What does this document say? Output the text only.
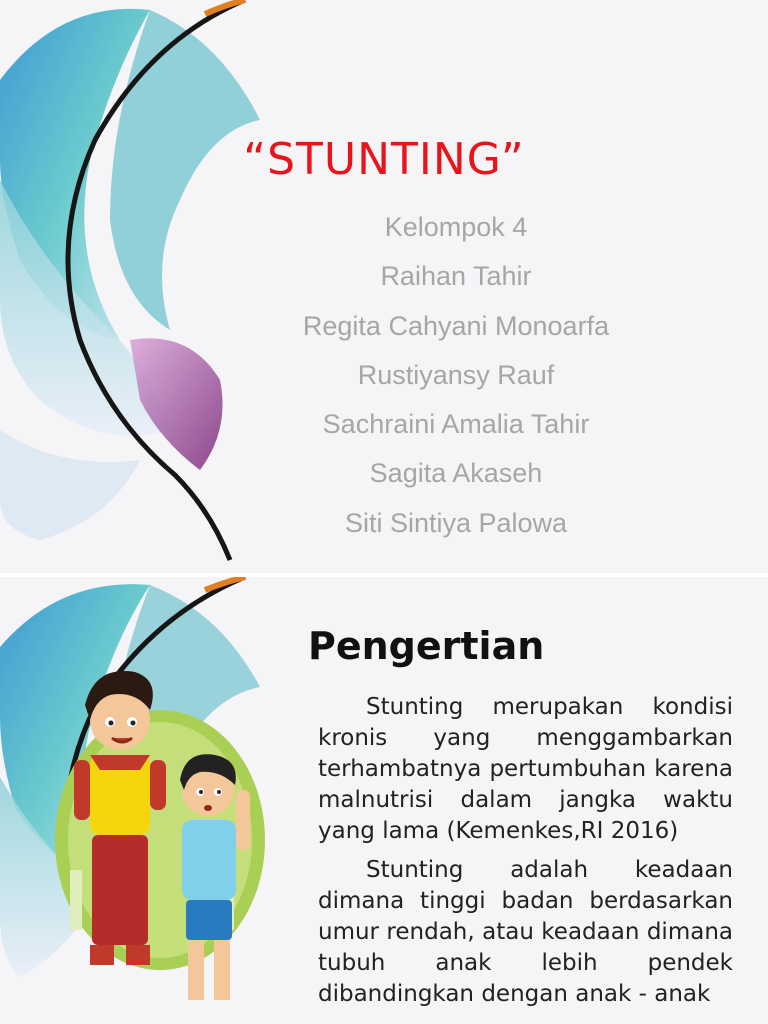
“STUNTING”
Kelompok 4
Raihan Tahir
Regita Cahyani Monoarfa
Rustiyansy Rauf
Sachraini Amalia Tahir
Sagita Akaseh
Siti Sintiya Palowa
Pengertian

Stunting merupakan kondisi kronis yang menggambarkan terhambatnya pertumbuhan karena malnutrisi dalam jangka waktu yang lama (Kemenkes,RI 2016)

Stunting adalah keadaan dimana tinggi badan berdasarkan umur rendah, atau keadaan dimana tubuh anak lebih pendek dibandingkan dengan anak - anak
